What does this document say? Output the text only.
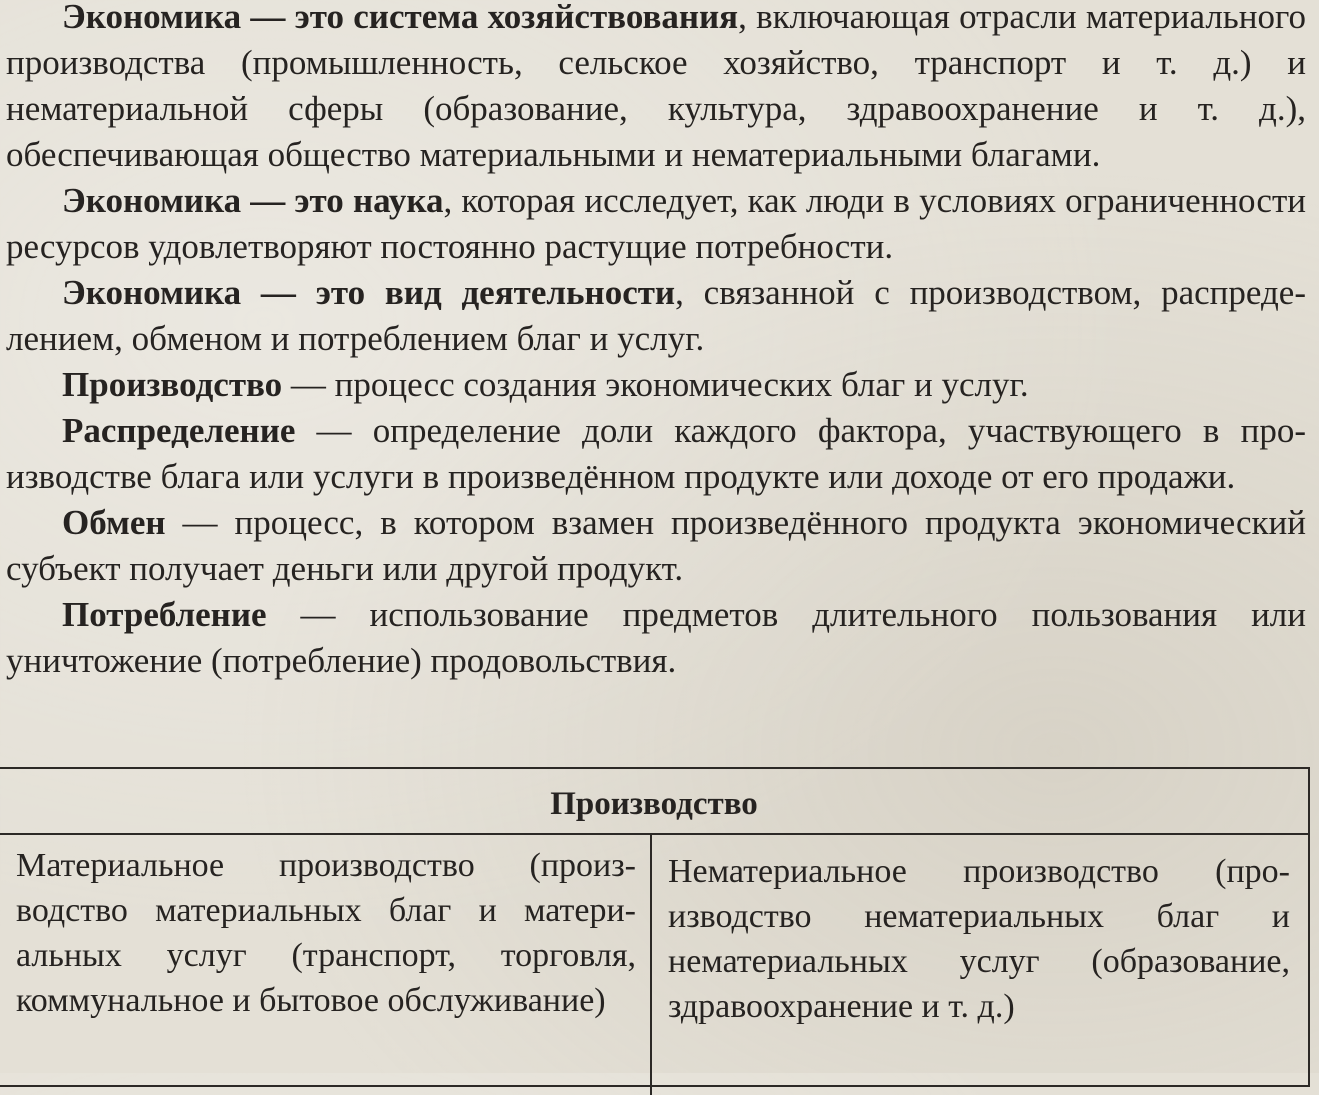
Экономика — это система хозяйствования, включающая отрасли материального производства (промышленность, сельское хозяйство, транспорт и т. д.) и нематериальной сферы (образование, культура, здравоохранение и т. д.), обеспечивающая общество материальными и нематериальными благами.

Экономика — это наука, которая исследует, как люди в условиях ограниченности ресурсов удовлетворяют постоянно растущие потребности.

Экономика — это вид деятельности, связанной с производством, распределением, обменом и потреблением благ и услуг.

Производство — процесс создания экономических благ и услуг.

Распределение — определение доли каждого фактора, участвующего в производстве блага или услуги в произведённом продукте или доходе от его продажи.

Обмен — процесс, в котором взамен произведённого продукта экономический субъект получает деньги или другой продукт.

Потребление — использование предметов длительного пользования или уничтожение (потребление) продовольствия.

Производство
Материальное производство (производство материальных благ и материальных услуг (транспорт, торговля, коммунальное и бытовое обслуживание)
Нематериальное производство (производство нематериальных благ и нематериальных услуг (образование, здравоохранение и т. д.)
